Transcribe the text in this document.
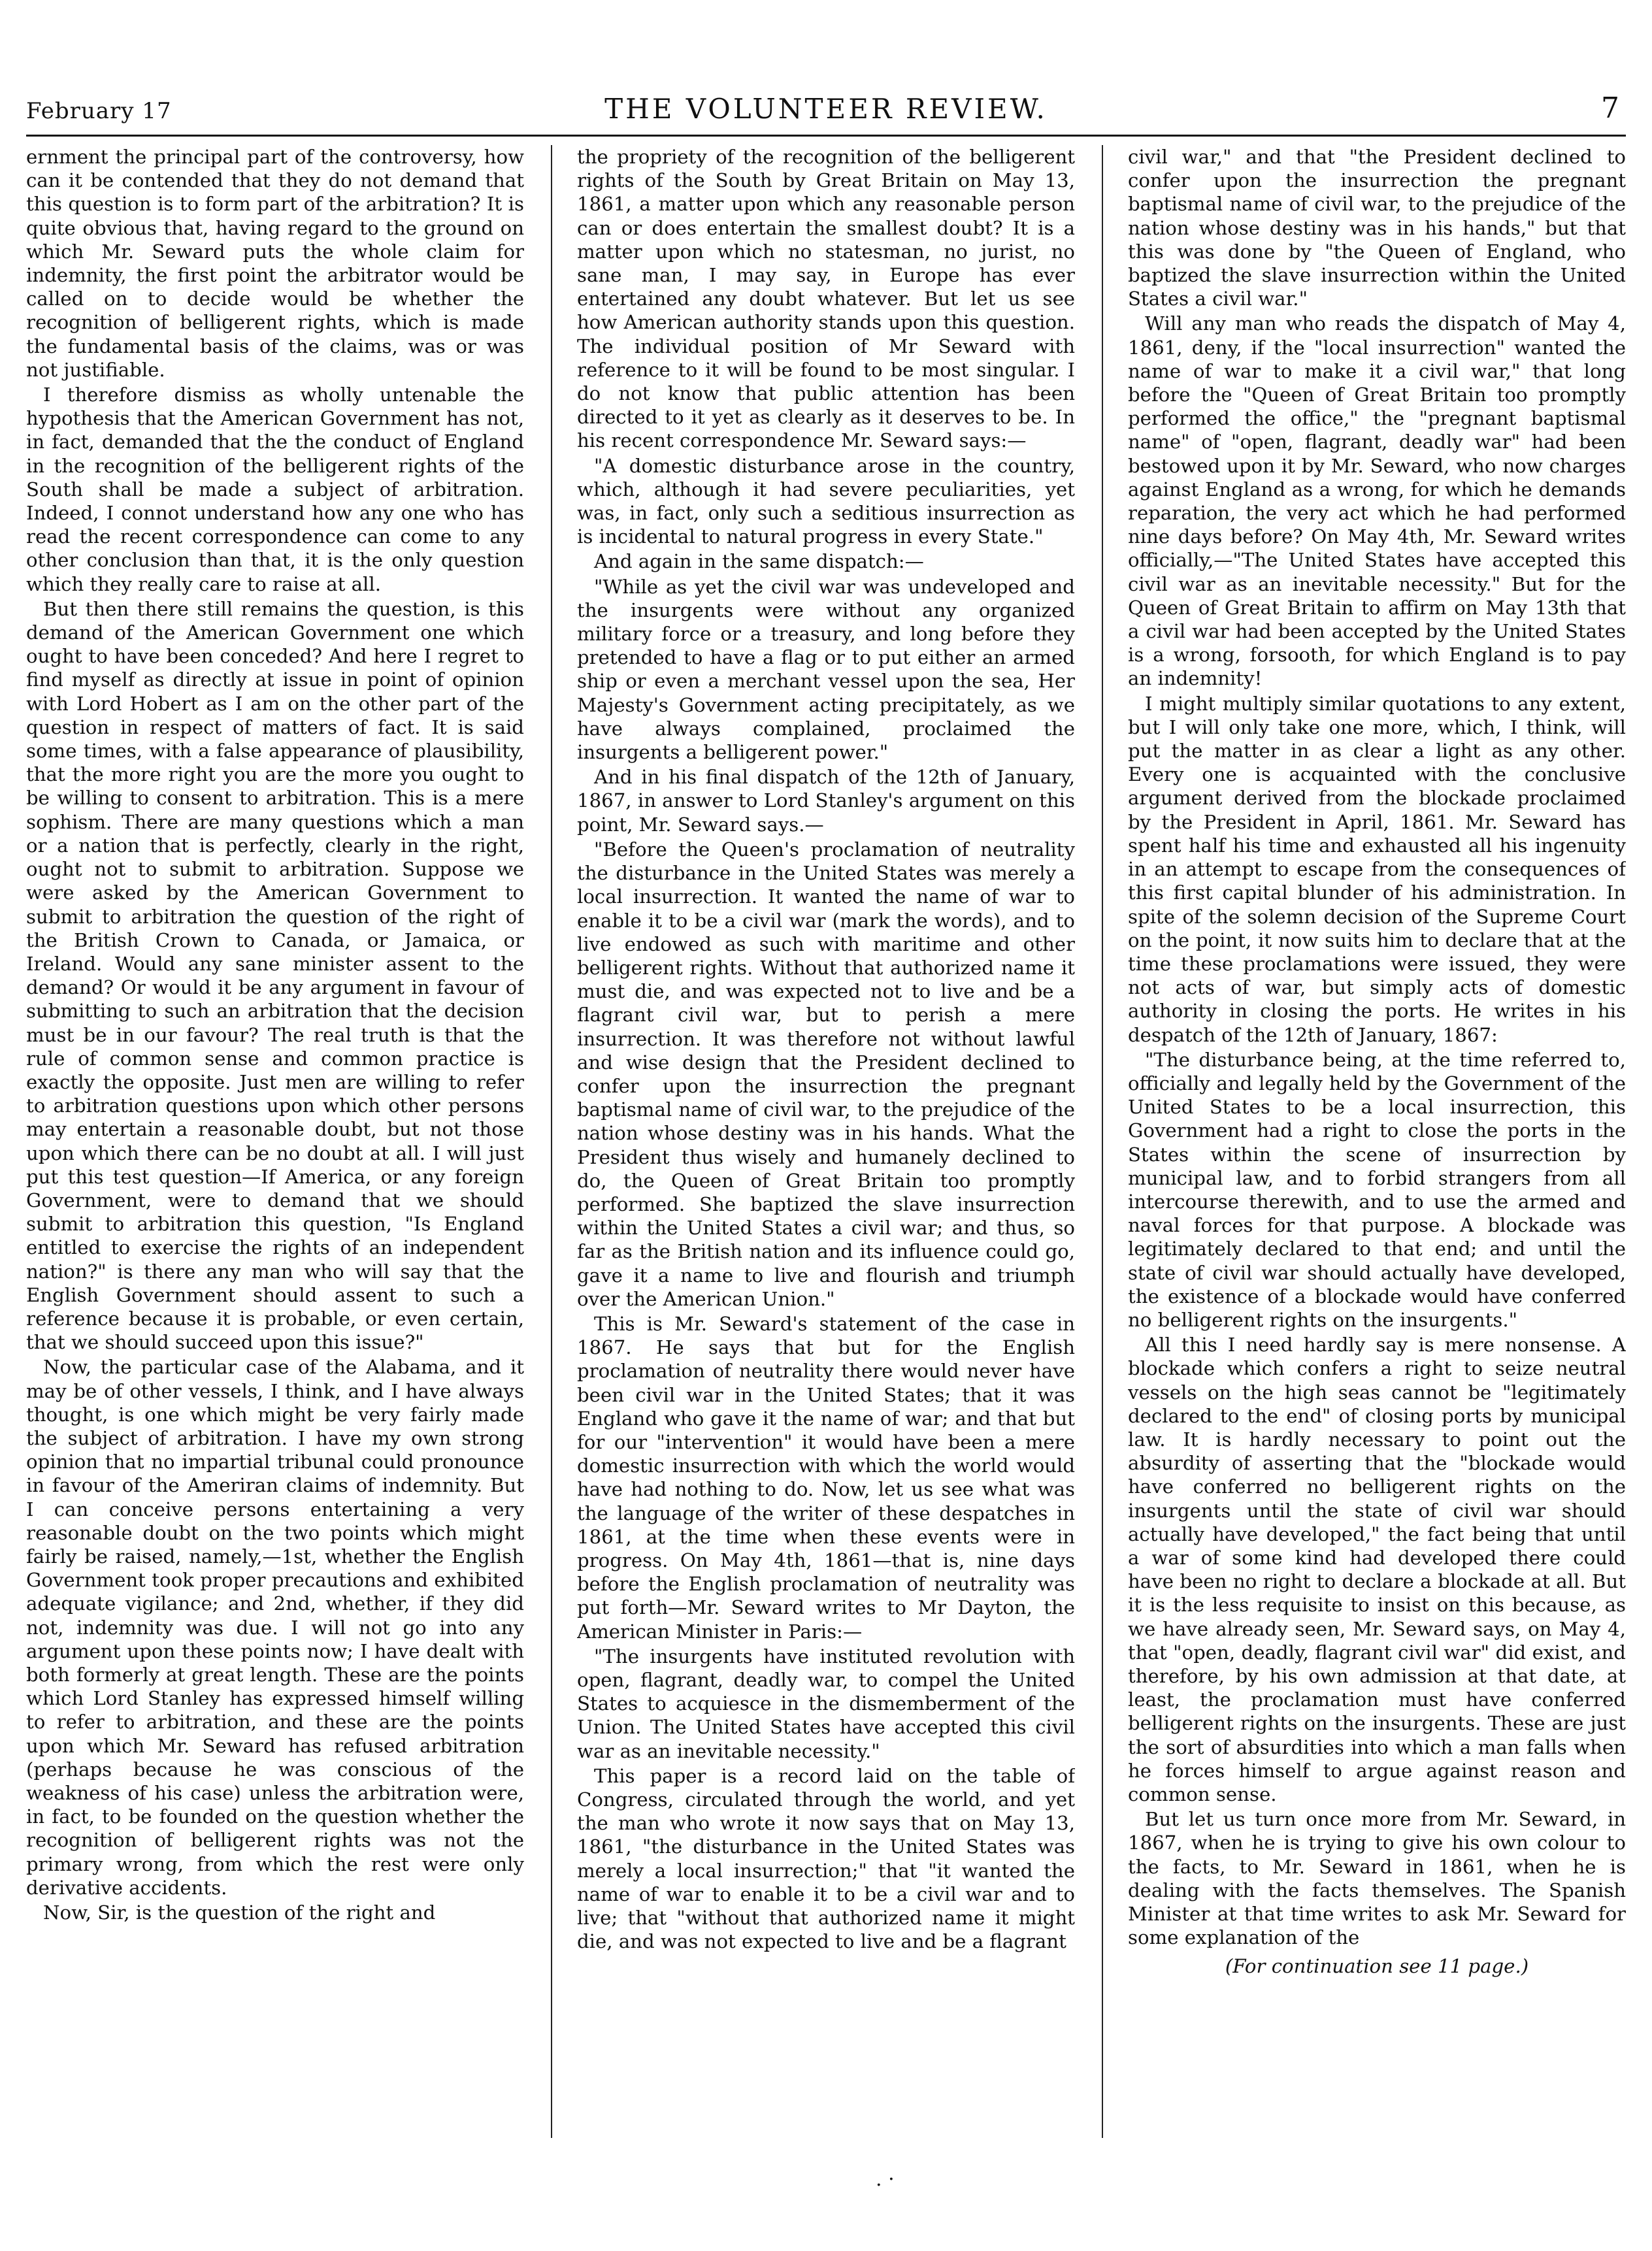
February 17	THE VOLUNTEER REVIEW.	7

ernment the principal part of the controversy, how can it be contended that they do not demand that this question is to form part of the arbitration? It is quite obvious that, having regard to the ground on which Mr. Seward puts the whole claim for indemnity, the first point the arbitrator would be called on to decide would be whether the recognition of belligerent rights, which is made the fundamental basis of the claims, was or was not justifiable.

I therefore dismiss as wholly untenable the hypothesis that the American Government has not, in fact, demanded that the the conduct of England in the recognition of the belligerent rights of the South shall be made a subject of arbitration. Indeed, I connot understand how any one who has read the recent correspondence can come to any other conclusion than that, it is the only question which they really care to raise at all.

But then there still remains the question, is this demand of the American Government one which ought to have been conceded? And here I regret to find myself as directly at issue in point of opinion with Lord Hobert as I am on the other part of the question in respect of matters of fact. It is said some times, with a false appearance of plausibility, that the more right you are the more you ought to be willing to consent to arbitration. This is a mere sophism. There are many questions which a man or a nation that is perfectly, clearly in the right, ought not to submit to arbitration. Suppose we were asked by the American Government to submit to arbitration the question of the right of the British Crown to Canada, or Jamaica, or Ireland. Would any sane minister assent to the demand? Or would it be any argument in favour of submitting to such an arbitration that the decision must be in our favour? The real truth is that the rule of common sense and common practice is exactly the opposite. Just men are willing to refer to arbitration questions upon which other persons may entertain a reasonable doubt, but not those upon which there can be no doubt at all. I will just put this test question—If America, or any foreign Government, were to demand that we should submit to arbitration this question, "Is England entitled to exercise the rights of an independent nation?" is there any man who will say that the English Government should assent to such a reference because it is probable, or even certain, that we should succeed upon this issue?"

Now, the particular case of the Alabama, and it may be of other vessels, I think, and I have always thought, is one which might be very fairly made the subject of arbitration. I have my own strong opinion that no impartial tribunal could pronounce in favour of the Ameriran claims of indemnity. But I can conceive persons entertaining a very reasonable doubt on the two points which might fairly be raised, namely,—1st, whether the English Government took proper precautions and exhibited adequate vigilance; and 2nd, whether, if they did not, indemnity was due. I will not go into any argument upon these points now; I have dealt with both formerly at great length. These are the points which Lord Stanley has expressed himself willing to refer to arbitration, and these are the points upon which Mr. Seward has refused arbitration (perhaps because he was conscious of the weakness of his case) unless the arbitration were, in fact, to be founded on the question whether the recognition of belligerent rights was not the primary wrong, from which the rest were only derivative accidents.

Now, Sir, is the question of the right and

the propriety of the recognition of the belligerent rights of the South by Great Britain on May 13, 1861, a matter upon which any reasonable person can or does entertain the smallest doubt? It is a matter upon which no statesman, no jurist, no sane man, I may say, in Europe has ever entertained any doubt whatever. But let us see how American authority stands upon this question. The individual position of Mr Seward with reference to it will be found to be most singular. I do not know that public attention has been directed to it yet as clearly as it deserves to be. In his recent correspondence Mr. Seward says:—

"A domestic disturbance arose in the country, which, although it had severe peculiarities, yet was, in fact, only such a seditious insurrection as is incidental to natural progress in every State."

And again in the same dispatch:—

"While as yet the civil war was undeveloped and the insurgents were without any organized military force or a treasury, and long before they pretended to have a flag or to put either an armed ship or even a merchant vessel upon the sea, Her Majesty's Government acting precipitately, as we have always complained, proclaimed the insurgents a belligerent power."

And in his final dispatch of the 12th of January, 1867, in answer to Lord Stanley's argument on this point, Mr. Seward says.—

"Before the Queen's proclamation of neutrality the disturbance in the United States was merely a local insurrection. It wanted the name of war to enable it to be a civil war (mark the words), and to live endowed as such with maritime and other belligerent rights. Without that authorized name it must die, and was expected not to live and be a flagrant civil war, but to perish a mere insurrection. It was therefore not without lawful and wise design that the President declined to confer upon the insurrection the pregnant baptismal name of civil war, to the prejudice of the nation whose destiny was in his hands. What the President thus wisely and humanely declined to do, the Queen of Great Britain too promptly performed. She baptized the slave insurrection within the United States a civil war; and thus, so far as the British nation and its influence could go, gave it a name to live and flourish and triumph over the American Union."

This is Mr. Seward's statement of the case in 1867. He says that but for the English proclamation of neutrality there would never have been civil war in the United States; that it was England who gave it the name of war; and that but for our "intervention" it would have been a mere domestic insurrection with which the world would have had nothing to do. Now, let us see what was the language of the writer of these despatches in 1861, at the time when these events were in progress. On May 4th, 1861—that is, nine days before the English proclamation of neutrality was put forth—Mr. Seward writes to Mr Dayton, the American Minister in Paris:—

"The insurgents have instituted revolution with open, flagrant, deadly war, to compel the United States to acquiesce in the dismemberment of the Union. The United States have accepted this civil war as an inevitable necessity."

This paper is a record laid on the table of Congress, circulated through the world, and yet the man who wrote it now says that on May 13, 1861, "the disturbance in the United States was merely a local insurrection;" that "it wanted the name of war to enable it to be a civil war and to live; that "without that authorized name it might die, and was not expected to live and be a flagrant

civil war," and that "the President declined to confer upon the insurrection the pregnant baptismal name of civil war, to the prejudice of the nation whose destiny was in his hands," but that this was done by "the Queen of England, who baptized the slave insurrection within the United States a civil war."

Will any man who reads the dispatch of May 4, 1861, deny, if the "local insurrection" wanted the name of war to make it a civil war," that long before the "Queen of Great Britain too promptly performed the office," the "pregnant baptismal name" of "open, flagrant, deadly war" had been bestowed upon it by Mr. Seward, who now charges against England as a wrong, for which he demands reparation, the very act which he had performed nine days before? On May 4th, Mr. Seward writes officially,—"The United States have accepted this civil war as an inevitable necessity." But for the Queen of Great Britain to affirm on May 13th that a civil war had been accepted by the United States is a wrong, forsooth, for which England is to pay an indemnity!

I might multiply similar quotations to any extent, but I will only take one more, which, I think, will put the matter in as clear a light as any other. Every one is acquainted with the conclusive argument derived from the blockade proclaimed by the President in April, 1861. Mr. Seward has spent half his time and exhausted all his ingenuity in an attempt to escape from the consequences of this first capital blunder of his administration. In spite of the solemn decision of the Supreme Court on the point, it now suits him to declare that at the time these proclamations were issued, they were not acts of war, but simply acts of domestic authority in closing the ports. He writes in his despatch of the 12th of January, 1867:

"The disturbance being, at the time referred to, officially and legally held by the Government of the United States to be a local insurrection, this Government had a right to close the ports in the States within the scene of insurrection by municipal law, and to forbid strangers from all intercourse therewith, and to use the armed and naval forces for that purpose. A blockade was legitimately declared to that end; and until the state of civil war should actually have developed, the existence of a blockade would have conferred no belligerent rights on the insurgents."

All this I need hardly say is mere nonsense. A blockade which confers a right to seize neutral vessels on the high seas cannot be "legitimately declared to the end" of closing ports by municipal law. It is hardly necessary to point out the absurdity of asserting that the "blockade would have conferred no belligerent rights on the insurgents until the state of civil war should actually have developed," the fact being that until a war of some kind had developed there could have been no right to declare a blockade at all. But it is the less requisite to insist on this because, as we have already seen, Mr. Seward says, on May 4, that "open, deadly, flagrant civil war" did exist, and therefore, by his own admission at that date, at least, the proclamation must have conferred belligerent rights on the insurgents. These are just the sort of absurdities into which a man falls when he forces himself to argue against reason and common sense.

But let us turn once more from Mr. Seward, in 1867, when he is trying to give his own colour to the facts, to Mr. Seward in 1861, when he is dealing with the facts themselves. The Spanish Minister at that time writes to ask Mr. Seward for some explanation of the

(For continuation see 11 page.)

. ·
